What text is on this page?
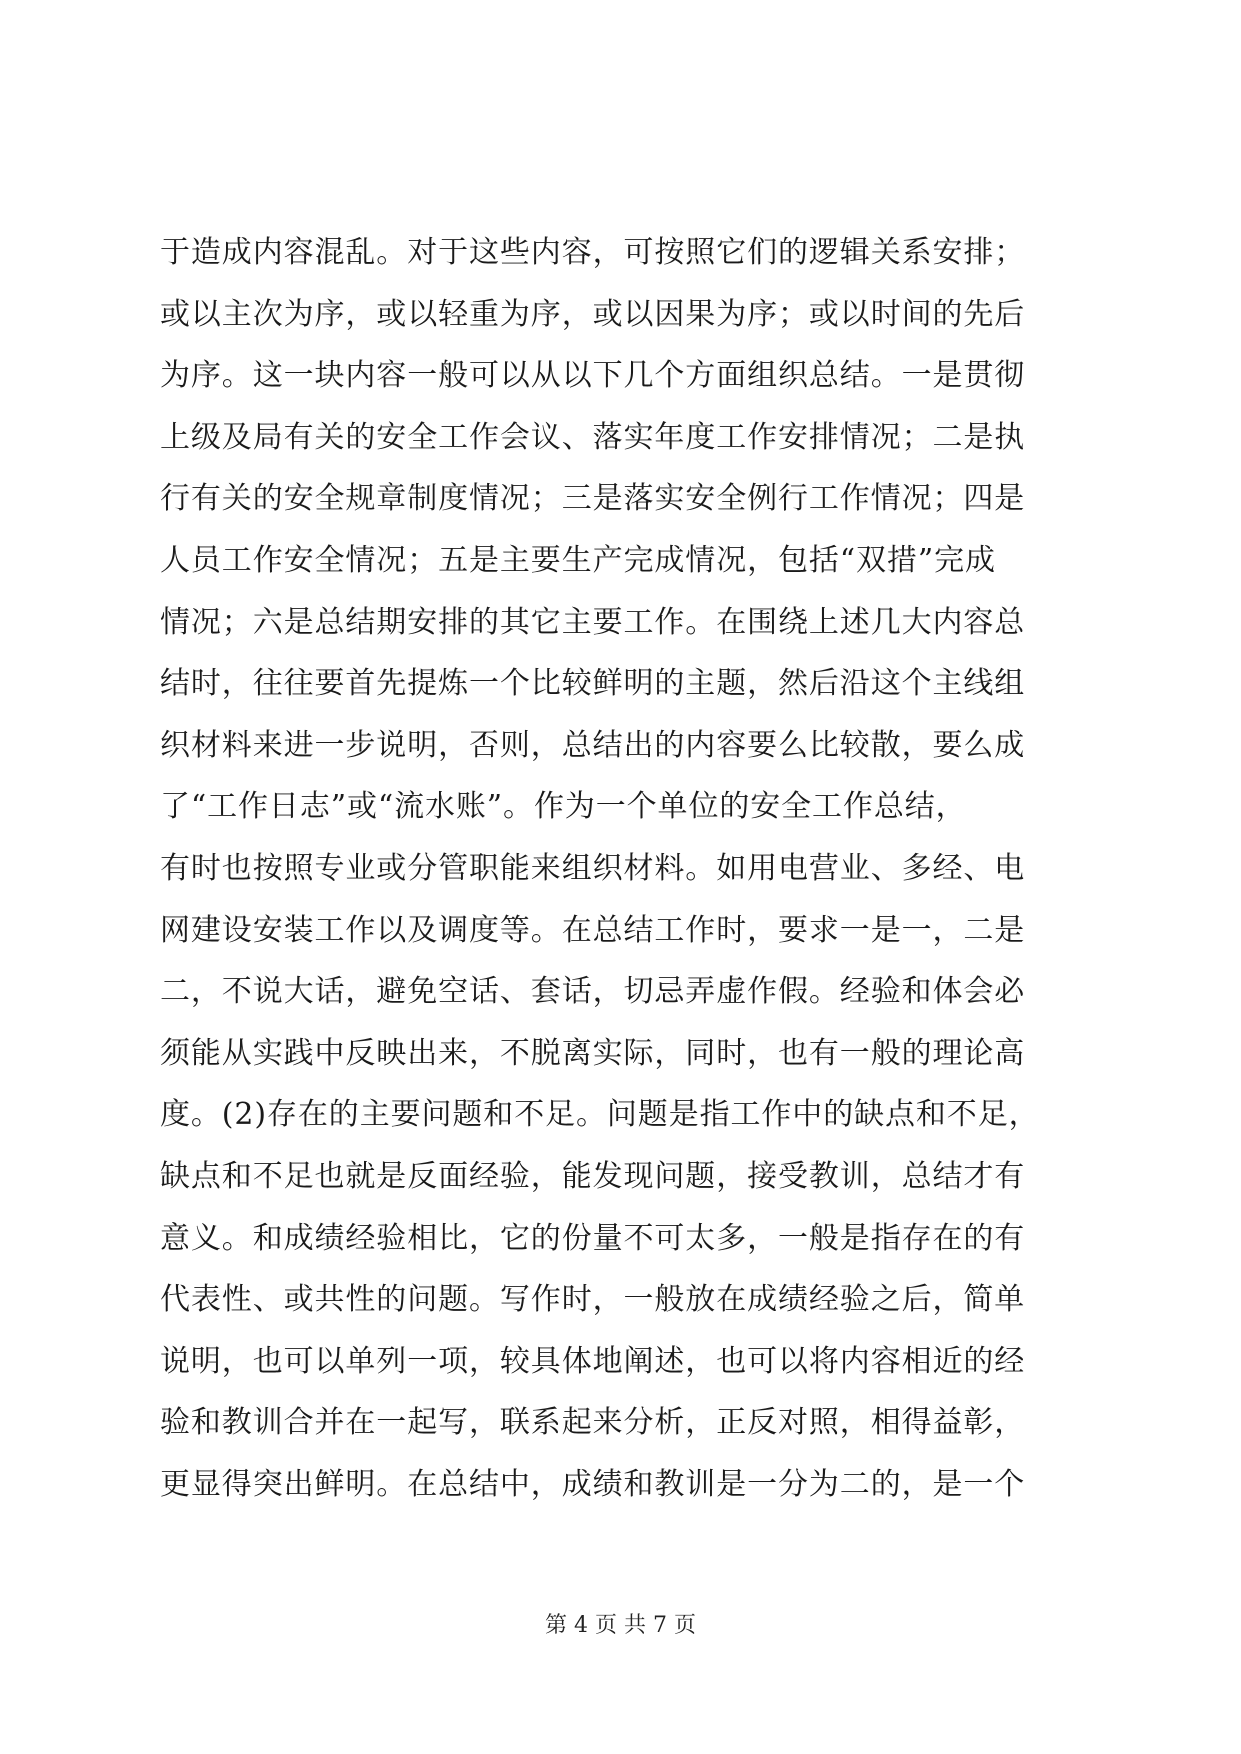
于造成内容混乱。对于这些内容，可按照它们的逻辑关系安排；
或以主次为序，或以轻重为序，或以因果为序；或以时间的先后
为序。这一块内容一般可以从以下几个方面组织总结。一是贯彻
上级及局有关的安全工作会议、落实年度工作安排情况；二是执
行有关的安全规章制度情况；三是落实安全例行工作情况；四是
人员工作安全情况；五是主要生产完成情况，包括“双措”完成
情况；六是总结期安排的其它主要工作。在围绕上述几大内容总
结时，往往要首先提炼一个比较鲜明的主题，然后沿这个主线组
织材料来进一步说明，否则，总结出的内容要么比较散，要么成
了“工作日志”或“流水账”。作为一个单位的安全工作总结，
有时也按照专业或分管职能来组织材料。如用电营业、多经、电
网建设安装工作以及调度等。在总结工作时，要求一是一，二是
二，不说大话，避免空话、套话，切忌弄虚作假。经验和体会必
须能从实践中反映出来，不脱离实际，同时，也有一般的理论高
度。(2)存在的主要问题和不足。问题是指工作中的缺点和不足，
缺点和不足也就是反面经验，能发现问题，接受教训，总结才有
意义。和成绩经验相比，它的份量不可太多，一般是指存在的有
代表性、或共性的问题。写作时，一般放在成绩经验之后，简单
说明，也可以单列一项，较具体地阐述，也可以将内容相近的经
验和教训合并在一起写，联系起来分析，正反对照，相得益彰，
更显得突出鲜明。在总结中，成绩和教训是一分为二的，是一个
第 4 页 共 7 页
